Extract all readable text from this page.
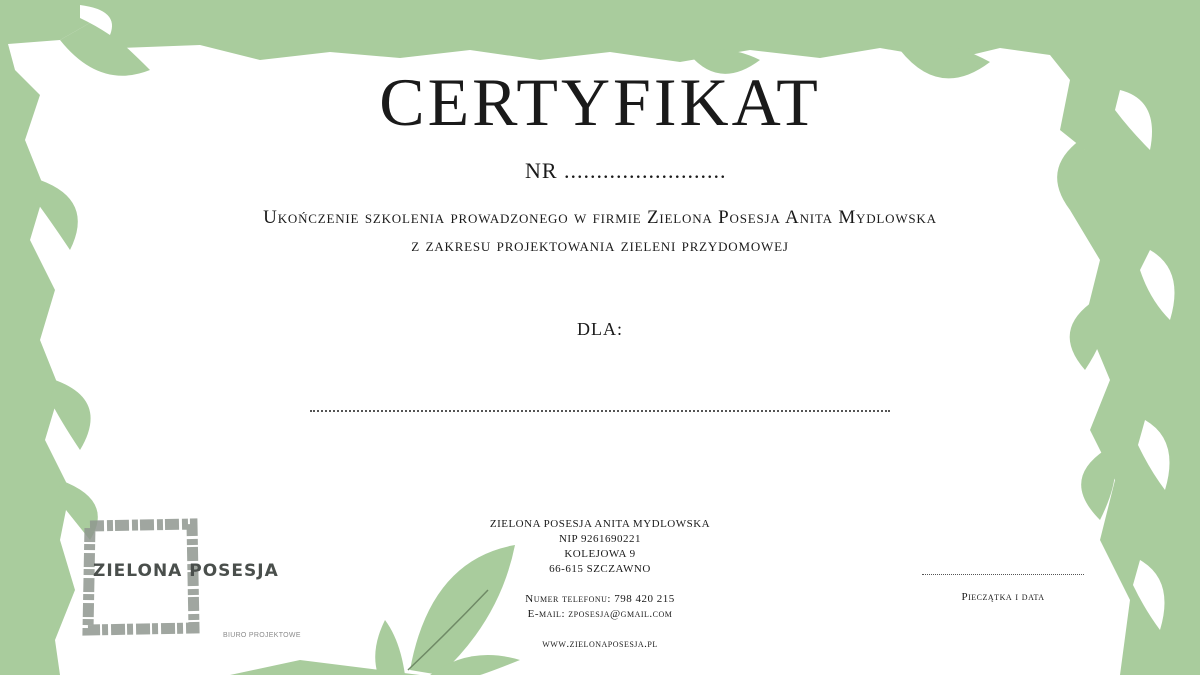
CERTYFIKAT
NR .........................
Ukończenie szkolenia prowadzonego w firmie Zielona Posesja Anita Mydlowska
z zakresu projektowania zieleni przydomowej
DLA:
ZIELONA POSESJA ANITA MYDLOWSKA
NIP 9261690221
KOLEJOWA 9
66-615 SZCZAWNO
Numer telefonu: 798 420 215
E-mail: zposesja@gmail.com
www.zielonaposesja.pl
Pieczątka i data
ZIELONA POSESJA
BIURO PROJEKTOWE
